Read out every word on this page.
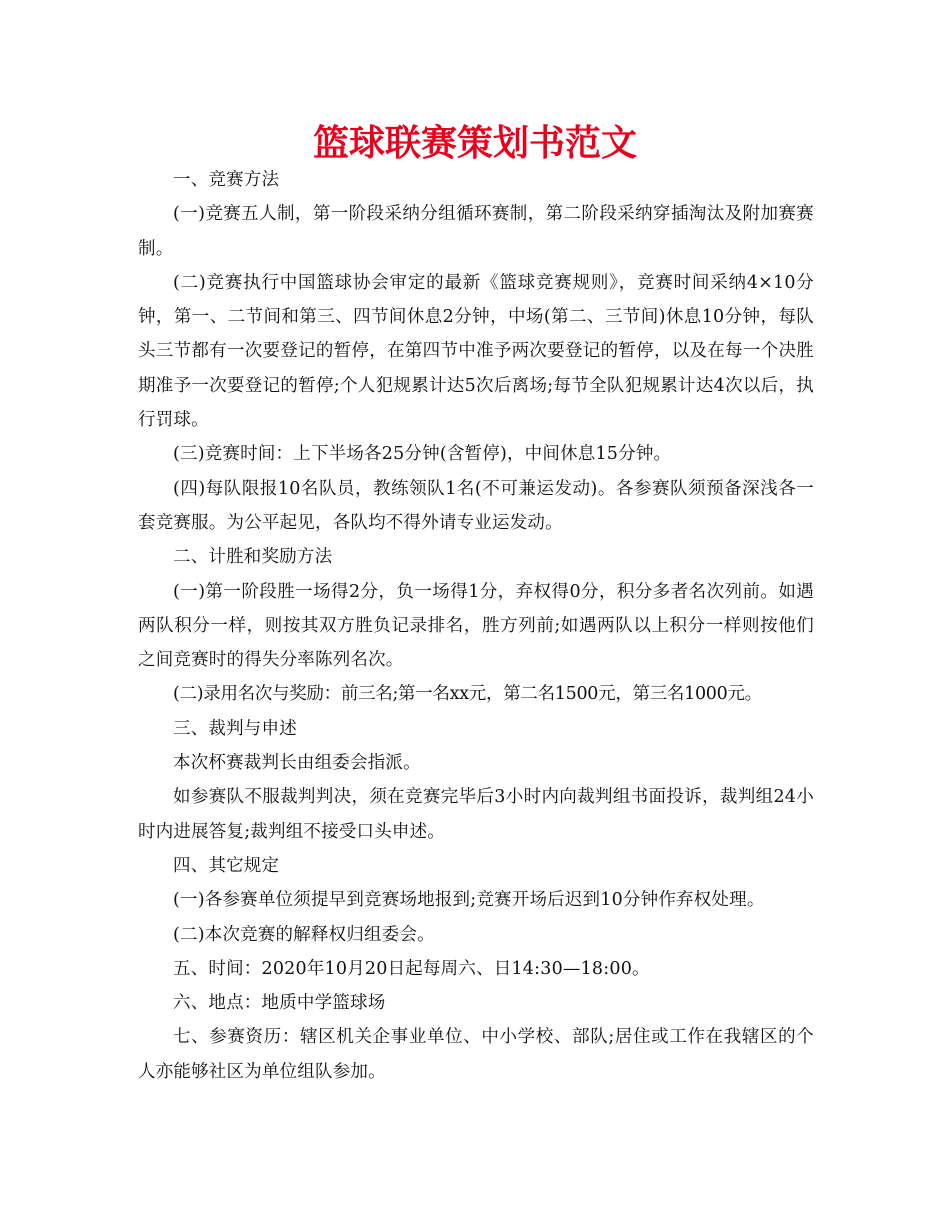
篮球联赛策划书范文

一、竞赛方法

(一)竞赛五人制，第一阶段采纳分组循环赛制，第二阶段采纳穿插淘汰及附加赛赛制。

(二)竞赛执行中国篮球协会审定的最新《篮球竞赛规则》，竞赛时间采纳4×10分钟，第一、二节间和第三、四节间休息2分钟，中场(第二、三节间)休息10分钟，每队头三节都有一次要登记的暂停，在第四节中准予两次要登记的暂停，以及在每一个决胜期准予一次要登记的暂停;个人犯规累计达5次后离场;每节全队犯规累计达4次以后，执行罚球。

(三)竞赛时间：上下半场各25分钟(含暂停)，中间休息15分钟。

(四)每队限报10名队员，教练领队1名(不可兼运发动)。各参赛队须预备深浅各一套竞赛服。为公平起见，各队均不得外请专业运发动。

二、计胜和奖励方法

(一)第一阶段胜一场得2分，负一场得1分，弃权得0分，积分多者名次列前。如遇两队积分一样，则按其双方胜负记录排名，胜方列前;如遇两队以上积分一样则按他们之间竞赛时的得失分率陈列名次。

(二)录用名次与奖励：前三名;第一名xx元，第二名1500元，第三名1000元。

三、裁判与申述

本次杯赛裁判长由组委会指派。

如参赛队不服裁判判决，须在竞赛完毕后3小时内向裁判组书面投诉，裁判组24小时内进展答复;裁判组不接受口头申述。

四、其它规定

(一)各参赛单位须提早到竞赛场地报到;竞赛开场后迟到10分钟作弃权处理。

(二)本次竞赛的解释权归组委会。

五、时间：2020年10月20日起每周六、日14:30—18:00。

六、地点：地质中学篮球场

七、参赛资历：辖区机关企事业单位、中小学校、部队;居住或工作在我辖区的个人亦能够社区为单位组队参加。
